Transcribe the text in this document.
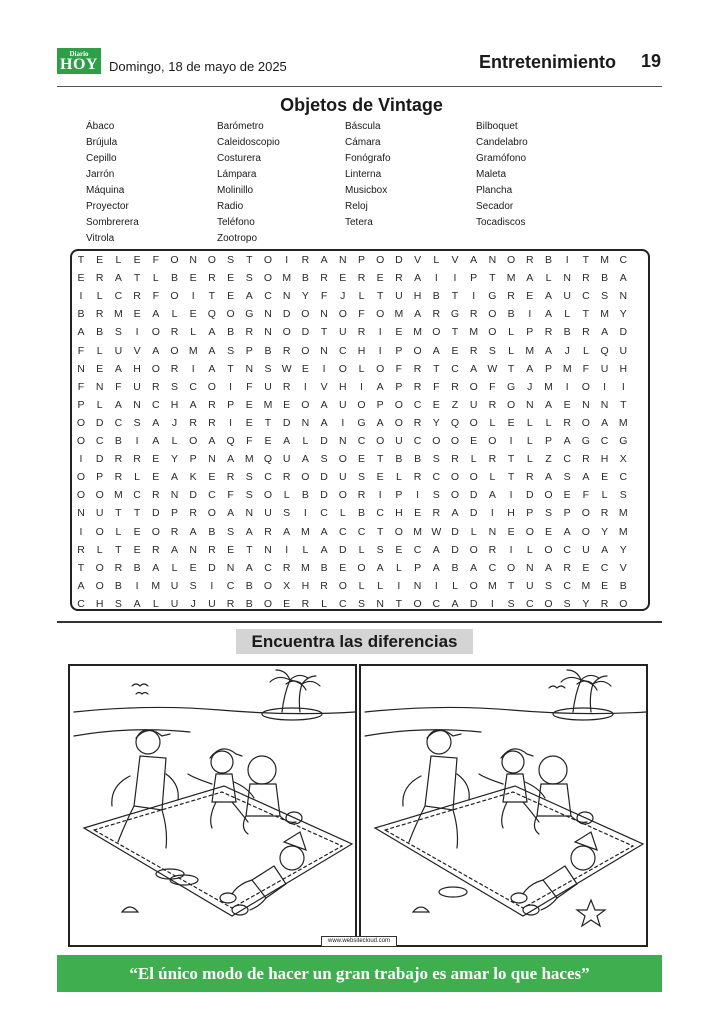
Diario
HOY Domingo, 18 de mayo de 2025	Entretenimiento 19
Objetos de Vintage
Ábaco
Brújula
Cepillo
Jarrón
Máquina
Proyector
Sombrerera
Vitrola
Barómetro
Caleidoscopio
Costurera
Lámpara
Molinillo
Radio
Teléfono
Zootropo
Báscula
Cámara
Fonógrafo
Linterna
Musicbox
Reloj
Tetera
Bilboquet
Candelabro
Gramófono
Maleta
Plancha
Secador
Tocadiscos
T	E	L	E	F	O	N	O	S	T	O	I	R	A	N	P	O	D	V	L	V	A	N	O	R	B	I	T	M	C
E	R	A	T	L	B	E	R	E	S	O M	B	R	E	R	E	R	A	I	I	P	T	M	A	L	N	R	B	A
I	L	C	R	F	O	I	T	E	A	C	N	Y	F	J	L	T	U	H	B	T	I	G	R	E	A	U	C	S	N
B	R	M	E	A	L	E	Q O G	N	D	O	N	O	F	O M	A	R	G	R	O	B	I	A	L	T	M	Y
A	B	S	I	O	R	L	A	B	R	N	O	D	T	U	R	I	E	M O	T	M O	L	P	R	B	R	A	D
F	L	U	V	A	O M	A	S	P	B	R	O	N	C	H	I	P	O	A	E	R	S	L	M	A	J	L	Q	U
N	E	A	H	O	R	I	A	T	N	S W E	I	O	L	O	F	R	T	C	A W	T	A	P	M	F	U	H
F	N	F	U	R	S	C	O	I	F	U	R	I	V	H	I	A	P	R	F	R	O	F	G	J	M	I	O	I	I
P	L	A	N	C	H	A	R	P	E	M	E	O	A	U	O	P	O	C	E	Z	U	R	O	N	A	E	N	N	T
O	D	C	S	A	J	R	R	I	E	T	D	N	A	I	G	A	O	R	Y	Q O	L	E	L	L	R	O	A	M
O	C	B	I	A	L	O	A	Q	F	E	A	L	D	N	C	O	U	C	O O	E	O	I	L	P	A	G	C	G
I	D	R	R	E	Y	P	N	A	M Q	U	A	S	O	E	T	B	B	S	R	L	R	T	L	Z	C	R	H	X
O	P	R	L	E	A	K	E	R	S	C	R	O	D	U	S	E	L	R	C	O O	L	T	R	A	S	A	E	C
O O M	C	R	N	D	C	F	S	O	L	B	D	O	R	I	P	I	S	O	D	A	I	D	O	E	F	L	S
N	U	T	T	D	P	R	O	A	N	U	S	I	C	L	B	C	H	E	R	A	D	I	H	P	S	P	O	R	M
I	O	L	E	O	R	A	B	S	A	R	A	M	A	C	C	T	O M W D	L	N	E	O	E	A	O	Y	M
R	L	T	E	R	A	N	R	E	T	N	I	L	A	D	L	S	E	C	A	D	O	R	I	L	O	C	U	A	Y
T	O	R	B	A	L	E	D	N	A	C	R	M	B	E	O	A	L	P	A	B	A	C	O	N	A	R	E	C	V
A	O	B	I	M	U	S	I	C	B	O	X	H	R	O	L	L	I	N	I	L	O M	T	U	S	C	M	E	B
C	H	S	A	L	U	J	U	R	B	O	E	R	L	C	S	N	T	O	C	A	D	I	S	C	O	S	Y	R	O
Encuentra las diferencias
www.websitecloud.com
“El único modo de hacer un gran trabajo es amar lo que haces”
